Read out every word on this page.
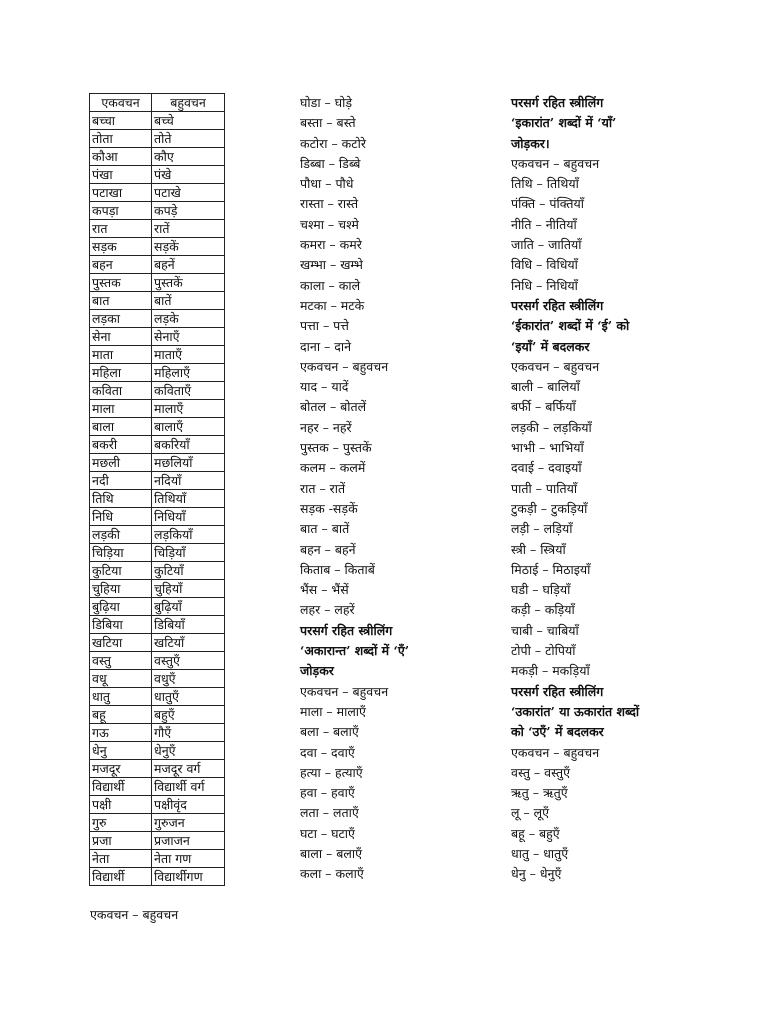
एकवचन	बहुवचन
बच्चा	बच्चे
तोता	तोते
कौआ	कौए
पंखा	पंखे
पटाखा	पटाखे
कपड़ा	कपड़े
रात	रातें
सड़क	सड़कें
बहन	बहनें
पुस्तक	पुस्तकें
बात	बातें
लड़का	लड़के
सेना	सेनाएँ
माता	माताएँ
महिला	महिलाएँ
कविता	कविताएँ
माला	मालाएँ
बाला	बालाएँ
बकरी	बकरियाँ
मछली	मछलियाँ
नदी	नदियाँ
तिथि	तिथियाँ
निधि	निधियाँ
लड़की	लड़कियाँ
चिड़िया	चिड़ियाँ
कुटिया	कुटियाँ
चुहिया	चुहियाँ
बुढ़िया	बुढ़ियाँ
डिबिया	डिबियाँ
खटिया	खटियाँ
वस्तु	वस्तुएँ
वधू	वधुएँ
धातु	धातुएँ
बहू	बहुएँ
गऊ	गौएँ
धेनु	धेनुएँ
मजदूर	मजदूर वर्ग
विद्यार्थी	विद्यार्थी वर्ग
पक्षी	पक्षीवृंद
गुरु	गुरुजन
प्रजा	प्रजाजन
नेता	नेता गण
विद्यार्थी	विद्यार्थीगण
एकवचन – बहुवचन
घोडा – घोड़े
बस्ता – बस्ते
कटोरा – कटोरे
डिब्बा – डिब्बे
पौधा – पौधे
रास्ता – रास्ते
चश्मा – चश्मे
कमरा – कमरे
खम्भा – खम्भे
काला – काले
मटका – मटके
पत्ता – पत्ते
दाना – दाने
एकवचन – बहुवचन
याद – यादें
बोतल – बोतलें
नहर – नहरें
पुस्तक – पुस्तकें
कलम – कलमें
रात – रातें
सड़क -सड़कें
बात – बातें
बहन – बहनें
किताब – किताबें
भैंस – भैंसें
लहर – लहरें
परसर्ग रहित स्त्रीलिंग
‘अकारान्त’ शब्दों में ‘एँ’
जोड़कर
एकवचन – बहुवचन
माला – मालाएँ
बला – बलाएँ
दवा – दवाएँ
हत्या – हत्याएँ
हवा – हवाएँ
लता – लताएँ
घटा – घटाएँ
बाला – बलाएँ
कला – कलाएँ
परसर्ग रहित स्त्रीलिंग
‘इकारांत’ शब्दों में ‘याँ’
जोड़कर।
एकवचन – बहुवचन
तिथि – तिथियाँ
पंक्ति – पंक्तियाँ
नीति – नीतियाँ
जाति – जातियाँ
विधि – विधियाँ
निधि – निधियाँ
परसर्ग रहित स्त्रीलिंग
‘ईकारांत’ शब्दों में ‘ई’ को
‘इयाँ’ में बदलकर
एकवचन – बहुवचन
बाली – बालियाँ
बर्फी – बर्फियाँ
लड़की – लड़कियाँ
भाभी – भाभियाँ
दवाई – दवाइयाँ
पाती – पातियाँ
टुकड़ी – टुकड़ियाँ
लड़ी – लड़ियाँ
स्त्री – स्त्रियाँ
मिठाई – मिठाइयाँ
घडी – घड़ियाँ
कड़ी – कड़ियाँ
चाबी – चाबियाँ
टोपी – टोपियाँ
मकड़ी – मकड़ियाँ
परसर्ग रहित स्त्रीलिंग
‘उकारांत’ या ऊकारांत शब्दों
को ‘उएँ’ में बदलकर
एकवचन – बहुवचन
वस्तु – वस्तुएँ
ऋतु – ऋतुएँ
लू – लूएँ
बहू – बहुएँ
धातु – धातुएँ
धेनु – धेनुएँ
